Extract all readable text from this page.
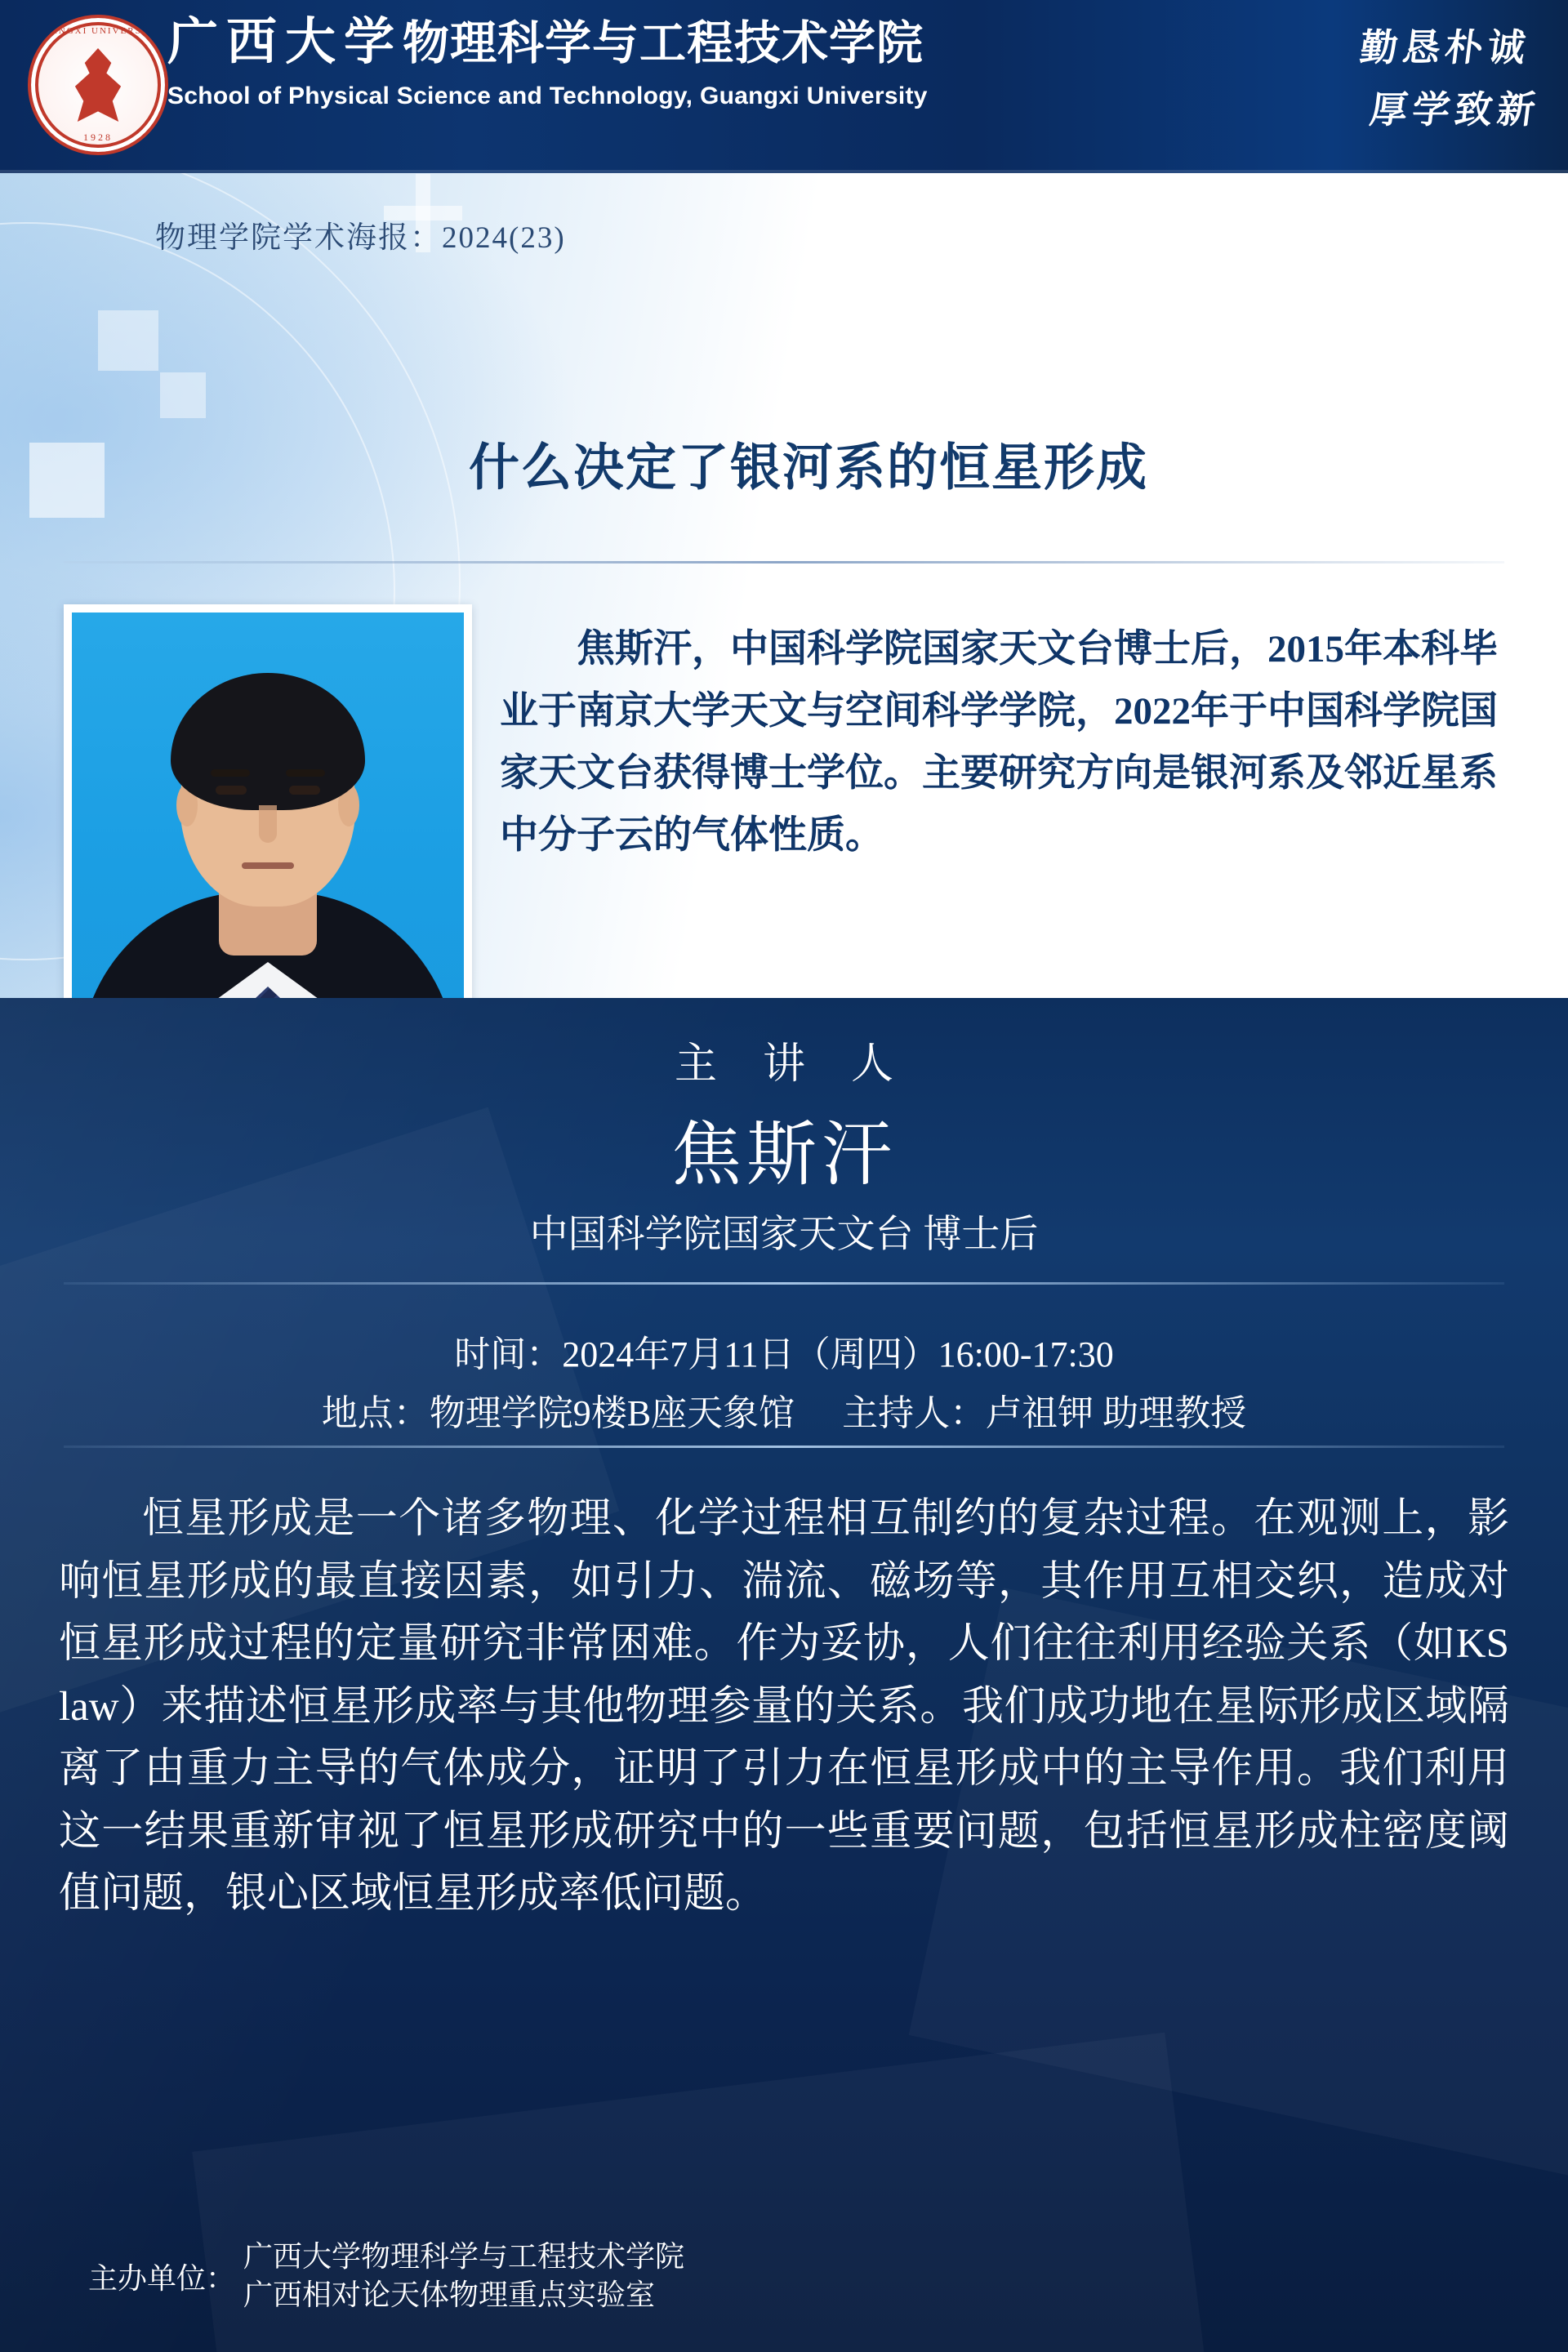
GUANGXI UNIVERSITY
1928
广西大学物理科学与工程技术学院
School of Physical Science and Technology, Guangxi University
勤恳朴诚
厚学致新
物理学院学术海报：2024(23)
什么决定了银河系的恒星形成
焦斯汗，中国科学院国家天文台博士后，2015年本科毕业于南京大学天文与空间科学学院，2022年于中国科学院国家天文台获得博士学位。主要研究方向是银河系及邻近星系中分子云的气体性质。
主讲人
焦斯汗
中国科学院国家天文台 博士后
时间：2024年7月11日（周四）16:00-17:30
地点：物理学院9楼B座天象馆 主持人：卢祖钾 助理教授
恒星形成是一个诸多物理、化学过程相互制约的复杂过程。在观测上，影响恒星形成的最直接因素，如引力、湍流、磁场等，其作用互相交织，造成对恒星形成过程的定量研究非常困难。作为妥协，人们往往利用经验关系（如KS law）来描述恒星形成率与其他物理参量的关系。我们成功地在星际形成区域隔离了由重力主导的气体成分，证明了引力在恒星形成中的主导作用。我们利用这一结果重新审视了恒星形成研究中的一些重要问题，包括恒星形成柱密度阈值问题，银心区域恒星形成率低问题。
主办单位：
广西大学物理科学与工程技术学院
广西相对论天体物理重点实验室
